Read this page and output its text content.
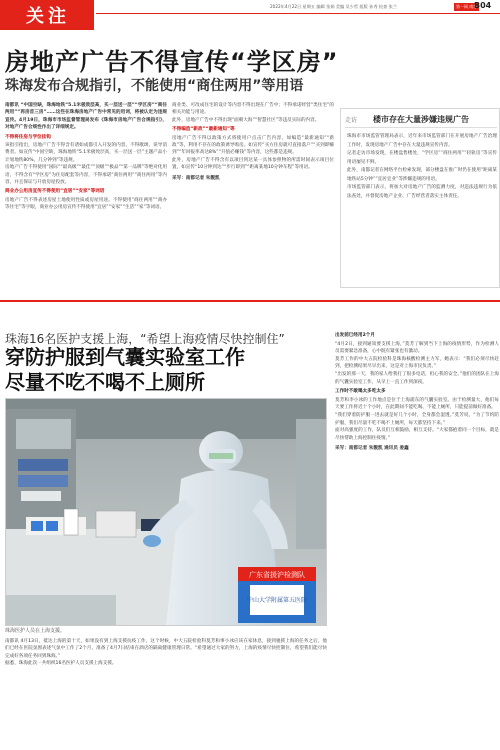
关注	2022年4月22日 星期五 编辑 张娟 美编 吴少哲 组版 孙秀 检查 张兰	第一网 南都
B04
房地产广告不得宣传“学区房”
珠海发布合规指引，不能使用“商住两用”等用语

南都讯 “中国空缺，珠海地铁“5.1米极致层高，买一层送一层”“学区房”“商住两用”“再房首三房”……这些在珠海房地产广告中常见的用词，将被认定为违规宣传。4月19日，珠海市市场监督管理局发布《珠海市房地产广告合规指引》，对地产广告合规性作出了详细规定。

不得将住房与学位挂钩

该指引指出，房地产广告不得含有诸如成都引入开发的内容，不得歌颂、误导消费者。如宣传“中国空缺，珠海地铁“5.1米极致层高，买一层送一层”主题产品小计划地铁80%，几分钟到”等违规。

房地产广告不得使用“国际”“最高级”“最佳”“顶级”“极品”“第一品牌”等绝对化用语，不得含有“学区房”为住房配套等内容，不得承诺“商住两用”“商住两用”等内容，并且保证与开放房屋投放。

商业办公用房宣传不得使用“宜居”“安家”等词语

房地产广告不得表述房屋土地使用性质或房屋用途。不得使用“商住两用”“商办等住宅”等字眼，商业办公用房宣传不得使用“宜居”“安家”“生活”“家”等词语。

商业类、可改成住宅的设计等内容不得出现在广告中；不得承诺经营“类住宅”的相关功能与用途。

此外，房地产广告中不得出现“面朝大海”“智慧社区”等违反实际的内容。

不得编造“新政”“最新通知”等

房地产广告不得以政策方式将使用户点击广告内容，如编造“最新通知”“新政”等，利用不存在的政策诱导购房。如宣传“买方住房就可直接落户”“买到即赚到”“年回报率高达8%”“升值必赚钱”等内容，这些都是违规。

此外，房地产广告不得含有以项目到达某一具体参照物的所需时间表示项目位置，如宣传“10分钟到达”“步行即到”“距离某地10分钟车程”等用语。

采写：南都记者 朱靓凯

走访 楼市存在大量涉嫌违规广告

珠海市市场监管管理局表示，近年来市场监管部门在开展房地产广告治理工作时，发现房地产广告中存在大量违规宣传内容。

记者走访市场发现，在楼盘售楼处，“学区房”“商住两用”“轻轨房”等宣传用语屡见不鲜。

此外，南都记者在网络平台检索发现，部分楼盘在推广时仍在使用“距离某地铁站5分钟”“宜居宜业”等涉嫌违规的用语。

市场监管部门表示，将加大对房地产广告的监测力度，对违法违规行为依法查处，并督促房地产企业、广告经营者落实主体责任。

珠海16名医护支援上海，“希望上海疫情尽快控制住”
穿防护服到气囊实验室工作
尽量不吃不喝不上厕所
广东省援沪检测队
中山大学附属第五医院
珠海医护人员在上海支援。

南都讯 4月13日，抵达上海的第十天，如果没有到上海支援抗疫工作，这个时候，中大五院检验科莫芳和事小冰应该在家休息，接到驰援上海的任务之后，他们已经在医院氛围表述气氛中工作了2个月，准备了4月7日结束在酒店的隔离健康管理日常。“希望通过大家的努力，上海的疫情尽快控制住，希望我们能尽快完成好各项任务回到珠海。”

据悉，珠海此次一共组织16名医护人员支援上海支援。

出发前已经用2个月

“4月2日，接到通知要支援上海，”莫芳了解到当下上海的疫情形势，作为检测人员需要紧急准备，心中既有紧张也有激动。

莫芳工作的中大五院检验科是珠海核酸检测主力军，她表示：“我们必须尽快赶到，把检测结果尽早出来，这是对上海市民负责。”

“出发的那一天，我的家人给我打了很多电话，担心我的安全。”他们的团队在上海的气囊实验室工作，从早上一直工作到深夜。

工作时不敢喝太多吃太多

莫芳和李小冰的工作地点是位于上海浦东的气囊实验室。由于检测量大，他们每天要工作将近十个小时，在此期间不能吃喝、不能上厕所，只能提前做好准备。

“我们穿着防护服一进去就是好几个小时，全身都会湿透。”莫芳说，“为了节约防护服，我们尽量不吃不喝不上厕所，每天都坚持下来。”

面对高强度的工作，队员们互相鼓励，相互支持。“大家都抱着同一个目标，就是尽快帮助上海控制住疫情。”

采写：南都记者 朱靓凯 通讯员 姜鑫
